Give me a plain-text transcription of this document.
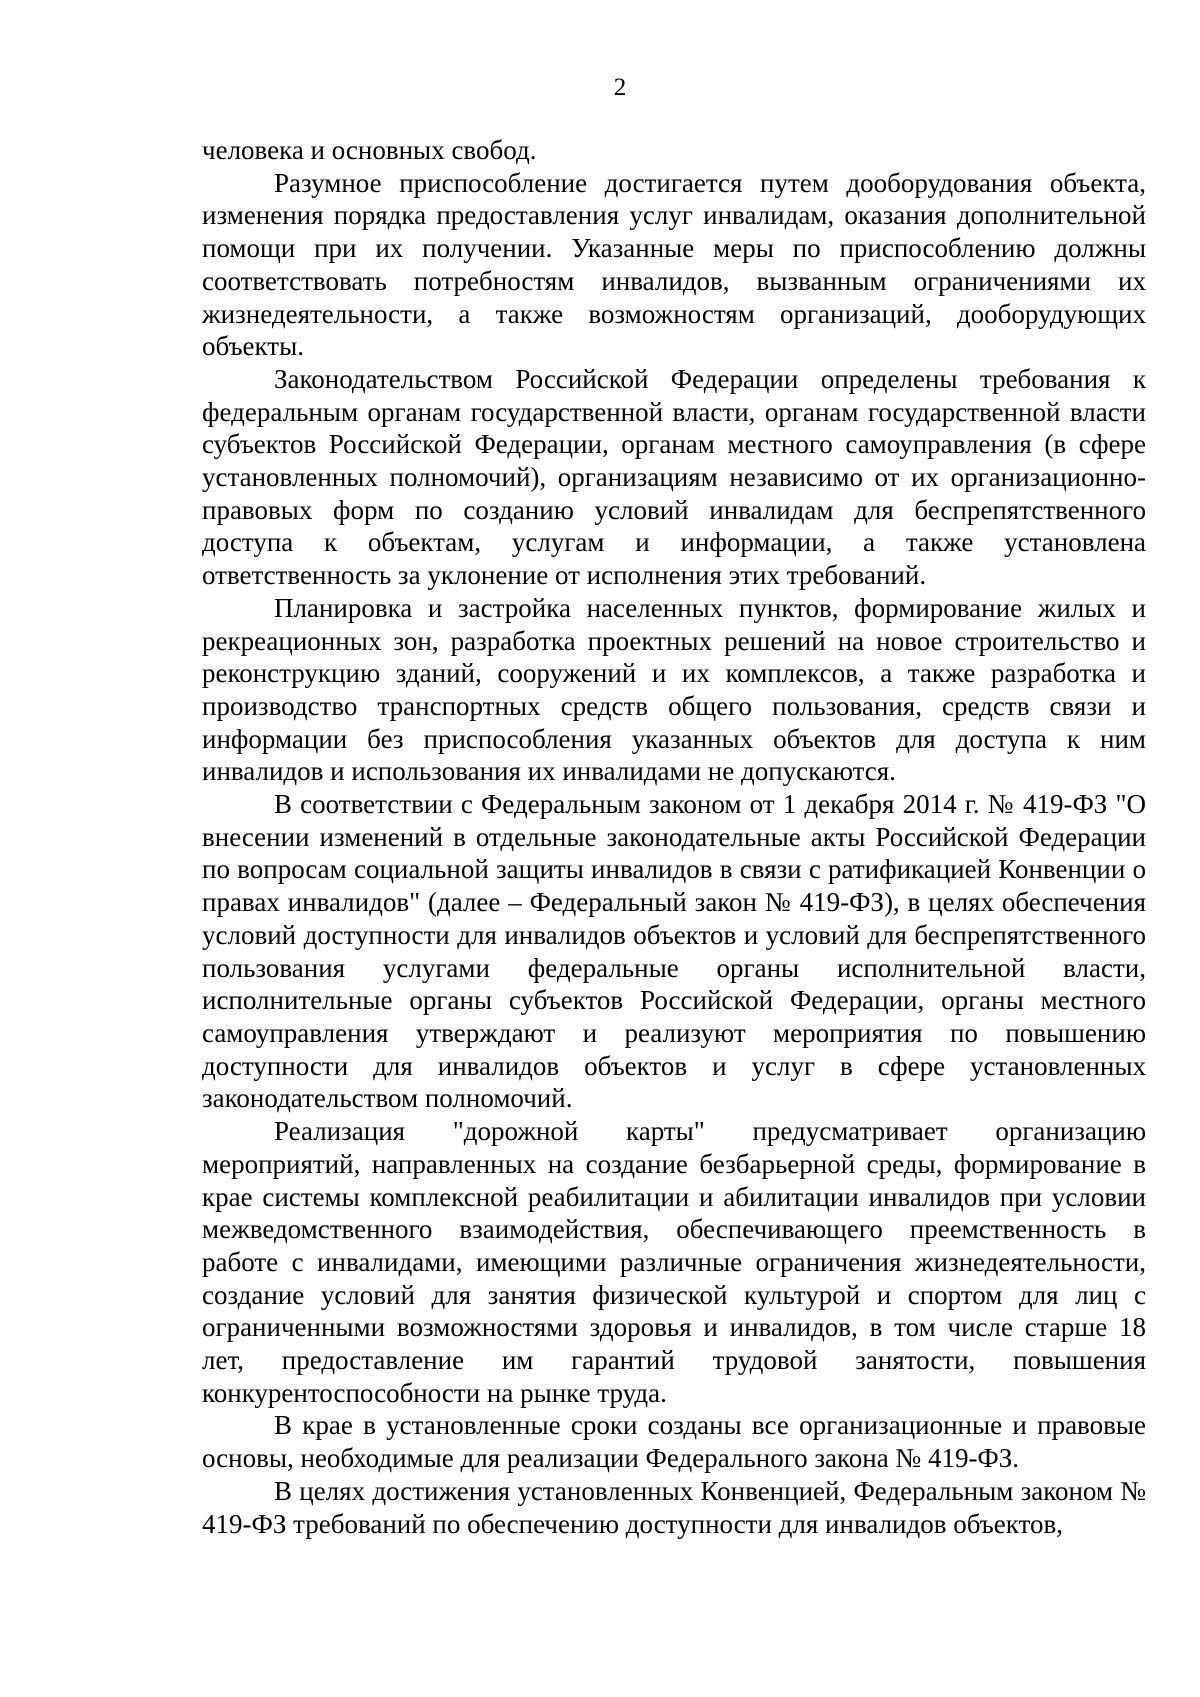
2

человека и основных свобод.

Разумное приспособление достигается путем дооборудования объекта, изменения порядка предоставления услуг инвалидам, оказания дополнительной помощи при их получении. Указанные меры по приспособлению должны соответствовать потребностям инвалидов, вызванным ограничениями их жизнедеятельности, а также возможностям организаций, дооборудующих объекты.

Законодательством Российской Федерации определены требования к федеральным органам государственной власти, органам государственной власти субъектов Российской Федерации, органам местного самоуправления (в сфере установленных полномочий), организациям независимо от их организационно-правовых форм по созданию условий инвалидам для беспрепятственного доступа к объектам, услугам и информации, а также установлена ответственность за уклонение от исполнения этих требований.

Планировка и застройка населенных пунктов, формирование жилых и рекреационных зон, разработка проектных решений на новое строительство и реконструкцию зданий, сооружений и их комплексов, а также разработка и производство транспортных средств общего пользования, средств связи и информации без приспособления указанных объектов для доступа к ним инвалидов и использования их инвалидами не допускаются.

В соответствии с Федеральным законом от 1 декабря 2014 г. № 419-ФЗ "О внесении изменений в отдельные законодательные акты Российской Федерации по вопросам социальной защиты инвалидов в связи с ратификацией Конвенции о правах инвалидов" (далее – Федеральный закон № 419-ФЗ), в целях обеспечения условий доступности для инвалидов объектов и условий для беспрепятственного пользования услугами федеральные органы исполнительной власти, исполнительные органы субъектов Российской Федерации, органы местного самоуправления утверждают и реализуют мероприятия по повышению доступности для инвалидов объектов и услуг в сфере установленных законодательством полномочий.

Реализация "дорожной карты" предусматривает организацию мероприятий, направленных на создание безбарьерной среды, формирование в крае системы комплексной реабилитации и абилитации инвалидов при условии межведомственного взаимодействия, обеспечивающего преемственность в работе с инвалидами, имеющими различные ограничения жизнедеятельности, создание условий для занятия физической культурой и спортом для лиц с ограниченными возможностями здоровья и инвалидов, в том числе старше 18 лет, предоставление им гарантий трудовой занятости, повышения конкурентоспособности на рынке труда.

В крае в установленные сроки созданы все организационные и правовые основы, необходимые для реализации Федерального закона № 419-ФЗ.

В целях достижения установленных Конвенцией, Федеральным законом № 419-ФЗ требований по обеспечению доступности для инвалидов объектов,
